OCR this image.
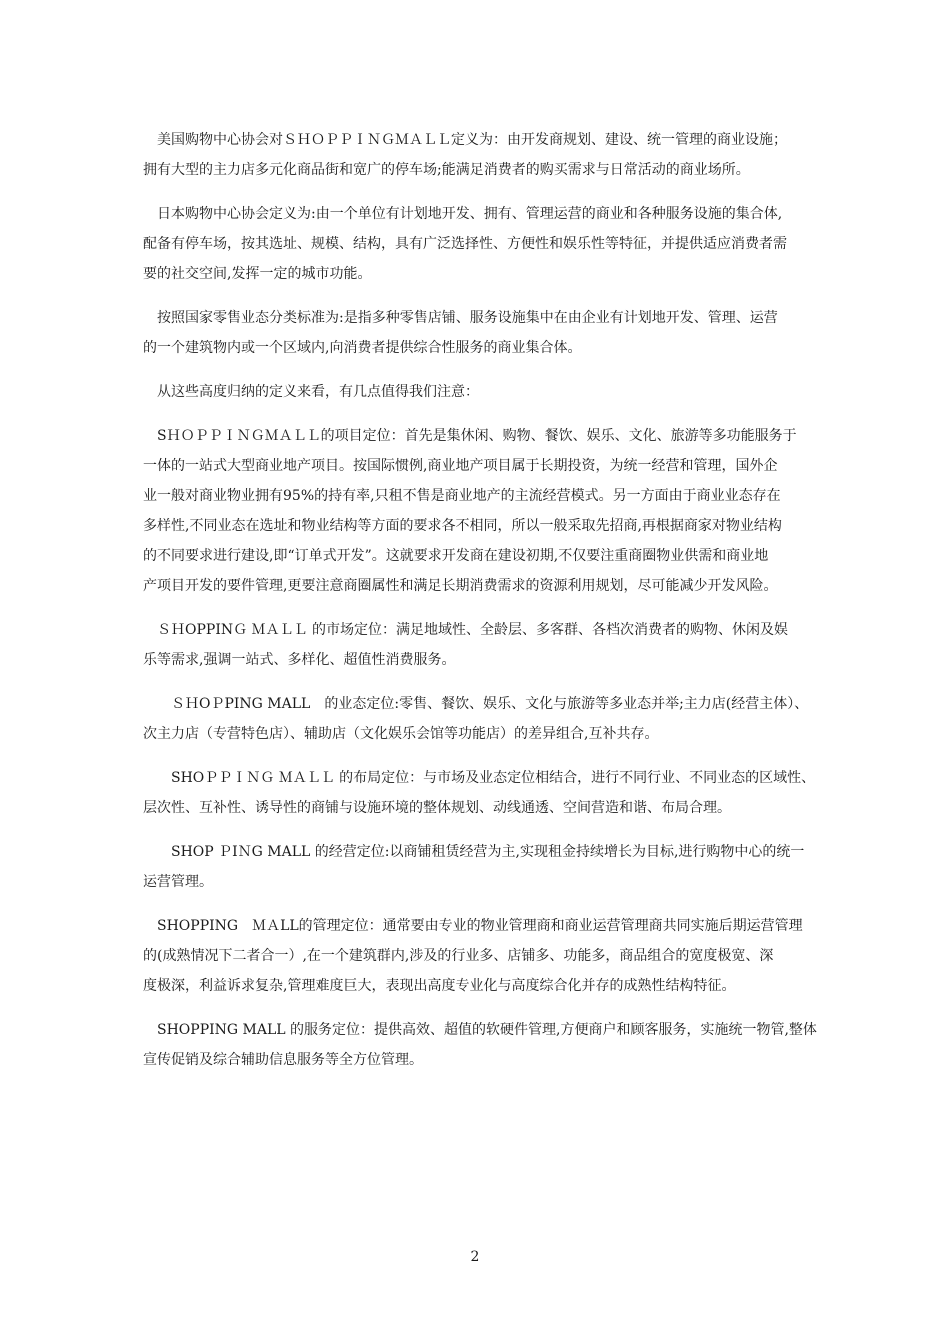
　美国购物中心协会对ＳＨＯＰＰＩＮＧＭＡＬＬ定义为：由开发商规划、建设、统一管理的商业设施；
拥有大型的主力店多元化商品街和宽广的停车场;能满足消费者的购买需求与日常活动的商业场所。
　日本购物中心协会定义为:由一个单位有计划地开发、拥有、管理运营的商业和各种服务设施的集合体,
配备有停车场，按其选址、规模、结构，具有广泛选择性、方便性和娱乐性等特征，并提供适应消费者需
要的社交空间,发挥一定的城市功能。
　按照国家零售业态分类标准为:是指多种零售店铺、服务设施集中在由企业有计划地开发、管理、运营
的一个建筑物内或一个区域内,向消费者提供综合性服务的商业集合体。
　从这些高度归纳的定义来看，有几点值得我们注意：
　SＨＯＰＰＩＮＧＭＡＬＬ的项目定位：首先是集休闲、购物、餐饮、娱乐、文化、旅游等多功能服务于
一体的一站式大型商业地产项目。按国际惯例,商业地产项目属于长期投资，为统一经营和管理，国外企
业一般对商业物业拥有95%的持有率,只租不售是商业地产的主流经营模式。另一方面由于商业业态存在
多样性,不同业态在选址和物业结构等方面的要求各不相同，所以一般采取先招商,再根据商家对物业结构
的不同要求进行建设,即“订单式开发”。这就要求开发商在建设初期,不仅要注重商圈物业供需和商业地
产项目开发的要件管理,更要注意商圈属性和满足长期消费需求的资源利用规划，尽可能减少开发风险。
　ＳＨOPPINＧ ＭＡＬＬ 的市场定位：满足地域性、全龄层、多客群、各档次消费者的购物、休闲及娱
乐等需求,强调一站式、多样化、超值性消费服务。
　　ＳＨOＰPING MALL　的业态定位:零售、餐饮、娱乐、文化与旅游等多业态并举;主力店(经营主体）、
次主力店（专营特色店）、辅助店（文化娱乐会馆等功能店）的差异组合,互补共存。
　　SHOＰＰＩＮＧ ＭＡＬＬ 的布局定位：与市场及业态定位相结合，进行不同行业、不同业态的区域性、
层次性、互补性、诱导性的商铺与设施环境的整体规划、动线通透、空间营造和谐、布局合理。
　　SHOP ＰIＮG MALL 的经营定位:以商铺租赁经营为主,实现租金持续增长为目标,进行购物中心的统一
运营管理。
　SHOPPING　ＭＡLL的管理定位：通常要由专业的物业管理商和商业运营管理商共同实施后期运营管理
的(成熟情况下二者合一）,在一个建筑群内,涉及的行业多、店铺多、功能多，商品组合的宽度极宽、深
度极深，利益诉求复杂,管理难度巨大，表现出高度专业化与高度综合化并存的成熟性结构特征。
　SHOPPING MALL 的服务定位：提供高效、超值的软硬件管理,方便商户和顾客服务，实施统一物管,整体
宣传促销及综合辅助信息服务等全方位管理。
2
